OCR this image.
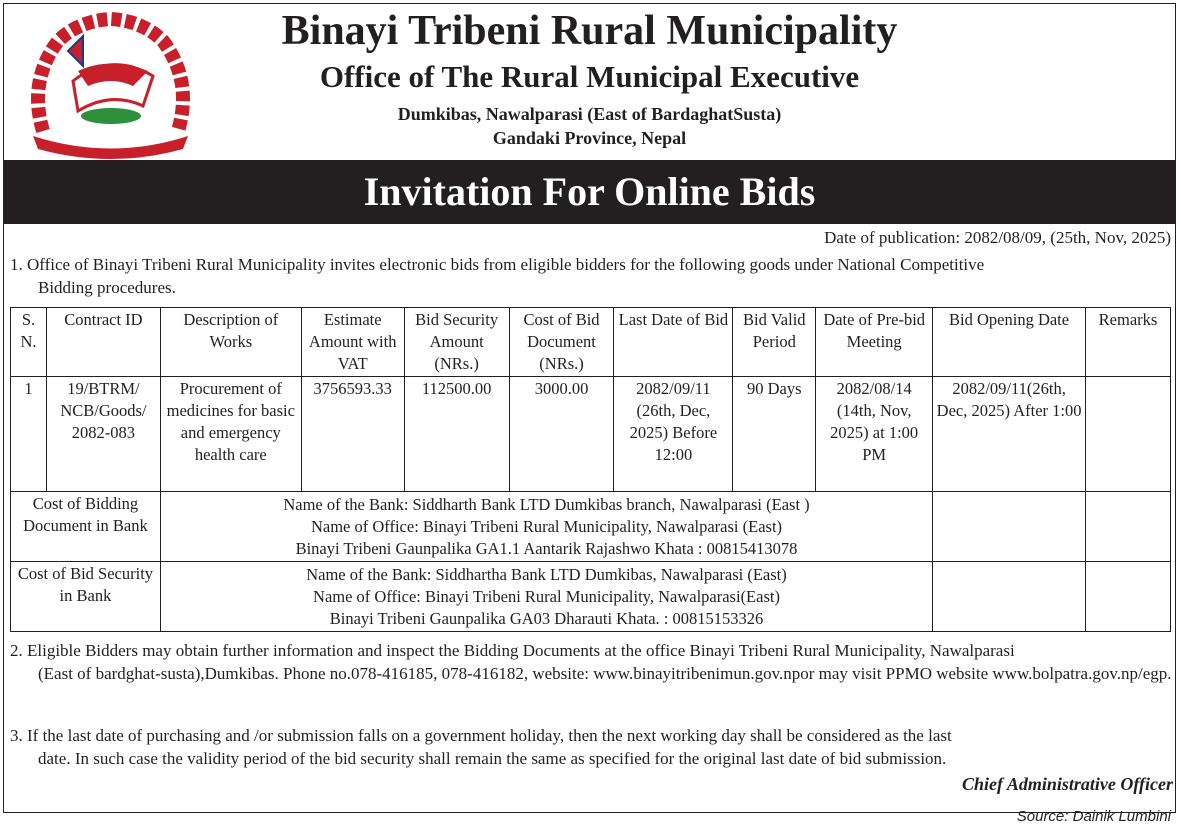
Binayi Tribeni Rural Municipality
Office of The Rural Municipal Executive
Dumkibas, Nawalparasi (East of BardaghatSusta)
Gandaki Province, Nepal
Invitation For Online Bids
Date of publication: 2082/08/09, (25th, Nov, 2025)
1. Office of Binayi Tribeni Rural Municipality invites electronic bids from eligible bidders for the following goods under National Competitive
Bidding procedures.
S. N.	Contract ID	Description of Works	Estimate Amount with VAT	Bid Security Amount (NRs.)	Cost of Bid Document (NRs.)	Last Date of Bid	Bid Valid Period	Date of Pre-bid Meeting	Bid Opening Date	Remarks
1	19/BTRM/ NCB/Goods/ 2082-083	Procurement of medicines for basic and emergency health care	3756593.33	112500.00	3000.00	2082/09/11 (26th, Dec, 2025) Before 12:00	90 Days	2082/08/14 (14th, Nov, 2025) at 1:00 PM	2082/09/11(26th, Dec, 2025) After 1:00	
Cost of Bidding Document in Bank		Name of the Bank: Siddharth Bank LTD Dumkibas branch, Nawalparasi (East )
Name of Office: Binayi Tribeni Rural Municipality, Nawalparasi (East)
Binayi Tribeni Gaunpalika GA1.1 Aantarik Rajashwo Khata : 00815413078								

Cost of Bid Security in Bank		Name of the Bank: Siddhartha Bank LTD Dumkibas, Nawalparasi (East)
Name of Office: Binayi Tribeni Rural Municipality, Nawalparasi(East)
Binayi Tribeni Gaunpalika GA03 Dharauti Khata. : 00815153326								

2. Eligible Bidders may obtain further information and inspect the Bidding Documents at the office Binayi Tribeni Rural Municipality, Nawalparasi
(East of bardghat-susta),Dumkibas. Phone no.078-416185, 078-416182, website: www.binayitribenimun.gov.npor may visit PPMO website www.bolpatra.gov.np/egp.
3. If the last date of purchasing and /or submission falls on a government holiday, then the next working day shall be considered as the last
date. In such case the validity period of the bid security shall remain the same as specified for the original last date of bid submission.
Chief Administrative Officer
Source: Dainik Lumbini
